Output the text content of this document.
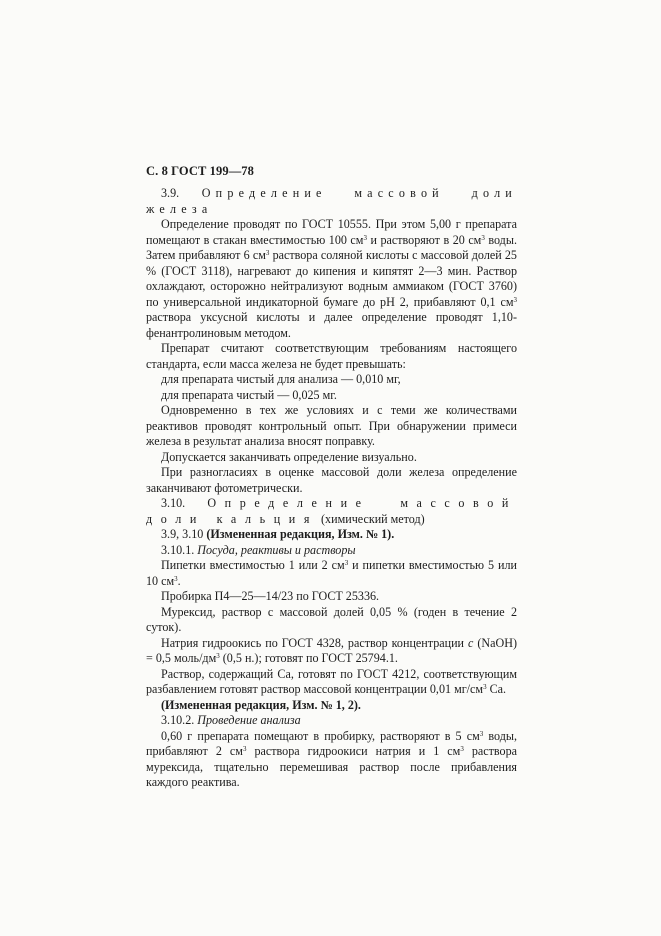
С. 8 ГОСТ 199—78

3.9. Определение массовой доли железа

Определение проводят по ГОСТ 10555. При этом 5,00 г препарата помещают в стакан вместимостью 100 $см^3$ и растворяют в 20 $см^3$ воды. Затем прибавляют 6 $см^3$ раствора соляной кислоты с массовой долей 25 % (ГОСТ 3118), нагревают до кипения и кипятят 2—3 мин. Раствор охлаждают, осторожно нейтрализуют водным аммиаком (ГОСТ 3760) по универсальной индикаторной бумаге до pH 2, прибавляют 0,1 $см^3$ раствора уксусной кислоты и далее определение проводят 1,10-фенантролиновым методом.

Препарат считают соответствующим требованиям настоящего стандарта, если масса железа не будет превышать:

для препарата чистый для анализа — 0,010 мг,

для препарата чистый — 0,025 мг.

Одновременно в тех же условиях и с теми же количествами реактивов проводят контрольный опыт. При обнаружении примеси железа в результат анализа вносят поправку.

Допускается заканчивать определение визуально.

При разногласиях в оценке массовой доли железа определение заканчивают фотометрически.

3.10. Определение массовой доли кальция (химический метод)

3.9, 3.10 (Измененная редакция, Изм. № 1).

3.10.1. Посуда, реактивы и растворы

Пипетки вместимостью 1 или 2 $см^3$ и пипетки вместимостью 5 или 10 $см^3$.

Пробирка П4—25—14/23 по ГОСТ 25336.

Мурексид, раствор с массовой долей 0,05 % (годен в течение 2 суток).

Натрия гидроокись по ГОСТ 4328, раствор концентрации c (NaOH) = 0,5 моль/$дм^3$ (0,5 н.); готовят по ГОСТ 25794.1.

Раствор, содержащий Са, готовят по ГОСТ 4212, соответствующим разбавлением готовят раствор массовой концентрации 0,01 $мг/см^3$ Са.

(Измененная редакция, Изм. № 1, 2).

3.10.2. Проведение анализа

0,60 г препарата помещают в пробирку, растворяют в 5 $см^3$ воды, прибавляют 2 $см^3$ раствора гидроокиси натрия и 1 $см^3$ раствора мурексида, тщательно перемешивая раствор после прибавления каждого реактива.
